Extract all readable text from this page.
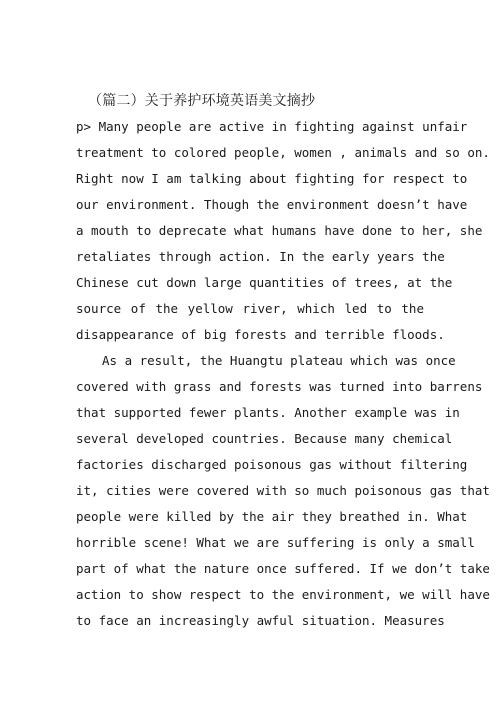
（篇二）关于养护环境英语美文摘抄
p> Many people are active in fighting against unfair
treatment to colored people, women , animals and so on.
Right now I am talking about fighting for respect to
our environment. Though the environment doesn’t have
a mouth to deprecate what humans have done to her, she
retaliates through action. In the early years the
Chinese cut down large quantities of trees, at the
source of the yellow river, which led to the
disappearance of big forests and terrible floods.
As a result, the Huangtu plateau which was once
covered with grass and forests was turned into barrens
that supported fewer plants. Another example was in
several developed countries. Because many chemical
factories discharged poisonous gas without filtering
it, cities were covered with so much poisonous gas that
people were killed by the air they breathed in. What
horrible scene! What we are suffering is only a small
part of what the nature once suffered. If we don’t take
action to show respect to the environment, we will have
to face an increasingly awful situation. Measures
